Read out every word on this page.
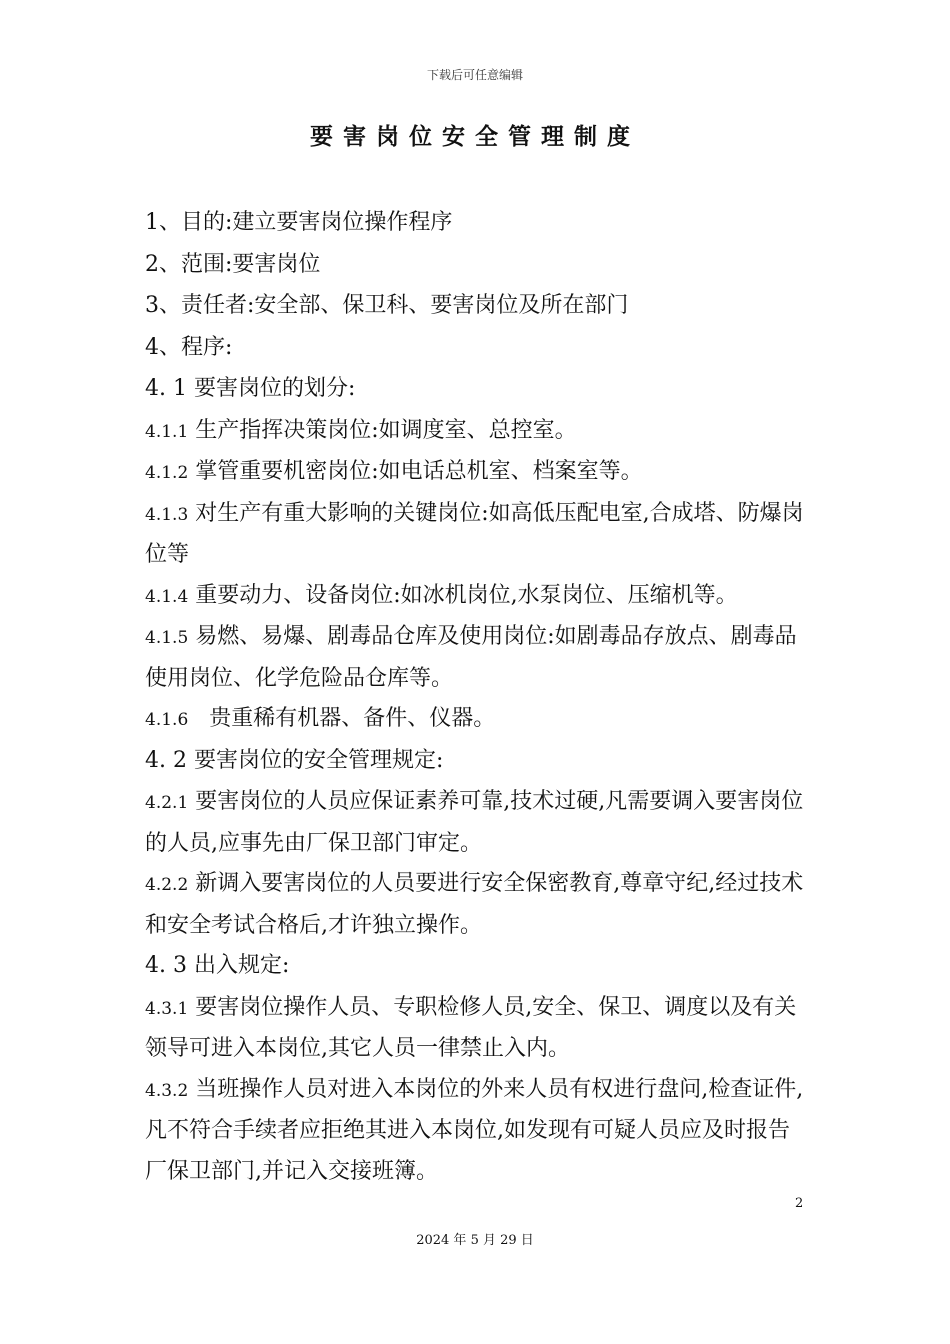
下载后可任意编辑
要害岗位安全管理制度

1、目的:建立要害岗位操作程序

2、范围:要害岗位

3、责任者:安全部、保卫科、要害岗位及所在部门

4、程序:

4. 1 要害岗位的划分:

4.1.1 生产指挥决策岗位:如调度室、总控室。

4.1.2 掌管重要机密岗位:如电话总机室、档案室等。

4.1.3 对生产有重大影响的关键岗位:如高低压配电室,合成塔、防爆岗位等

4.1.4 重要动力、设备岗位:如冰机岗位,水泵岗位、压缩机等。

4.1.5 易燃、易爆、剧毒品仓库及使用岗位:如剧毒品存放点、剧毒品使用岗位、化学危险品仓库等。

4.1.6   贵重稀有机器、备件、仪器。

4. 2 要害岗位的安全管理规定:

4.2.1 要害岗位的人员应保证素养可靠,技术过硬,凡需要调入要害岗位的人员,应事先由厂保卫部门审定。

4.2.2 新调入要害岗位的人员要进行安全保密教育,尊章守纪,经过技术和安全考试合格后,才许独立操作。

4. 3 出入规定:

4.3.1 要害岗位操作人员、专职检修人员,安全、保卫、调度以及有关领导可进入本岗位,其它人员一律禁止入内。

4.3.2 当班操作人员对进入本岗位的外来人员有权进行盘问,检查证件,凡不符合手续者应拒绝其进入本岗位,如发现有可疑人员应及时报告厂保卫部门,并记入交接班簿。

2
2024 年 5 月 29 日
